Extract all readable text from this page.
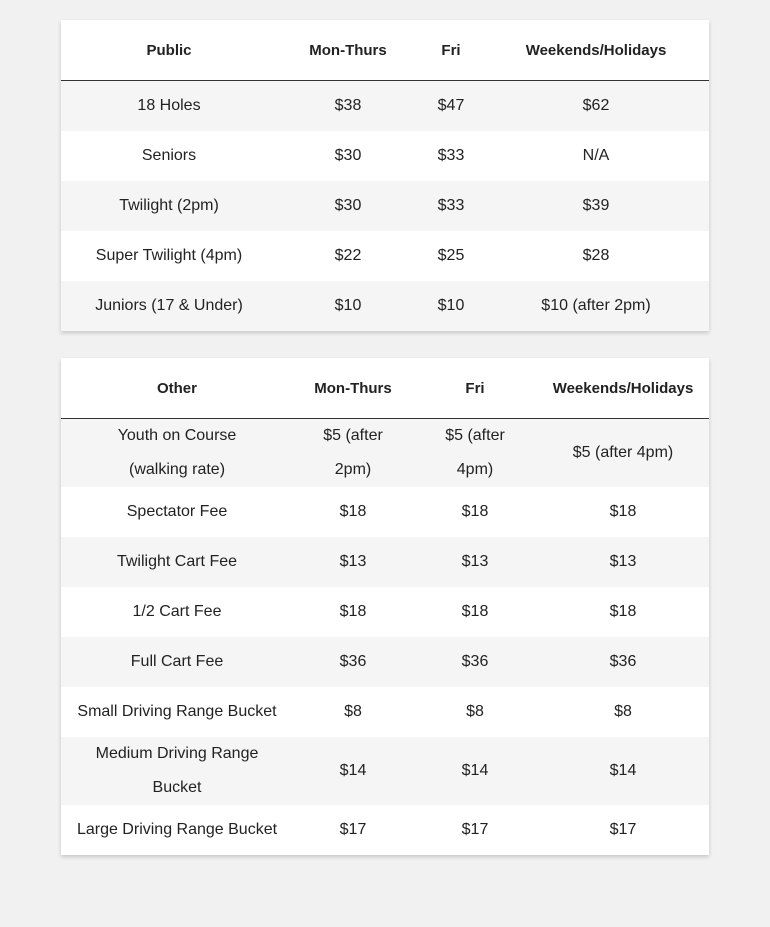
Public	Mon-Thurs	Fri	Weekends/Holidays
18 Holes	$38	$47	$62
Seniors	$30	$33	N/A
Twilight (2pm)	$30	$33	$39
Super Twilight (4pm)	$22	$25	$28
Juniors (17 & Under)	$10	$10	$10 (after 2pm)
Other	Mon-Thurs	Fri	Weekends/Holidays
Youth on Course (walking rate)	$5 (after 2pm)	$5 (after 4pm)	$5 (after 4pm)
Spectator Fee	$18	$18	$18
Twilight Cart Fee	$13	$13	$13
1/2 Cart Fee	$18	$18	$18
Full Cart Fee	$36	$36	$36
Small Driving Range Bucket	$8	$8	$8
Medium Driving Range Bucket	$14	$14	$14
Large Driving Range Bucket	$17	$17	$17
